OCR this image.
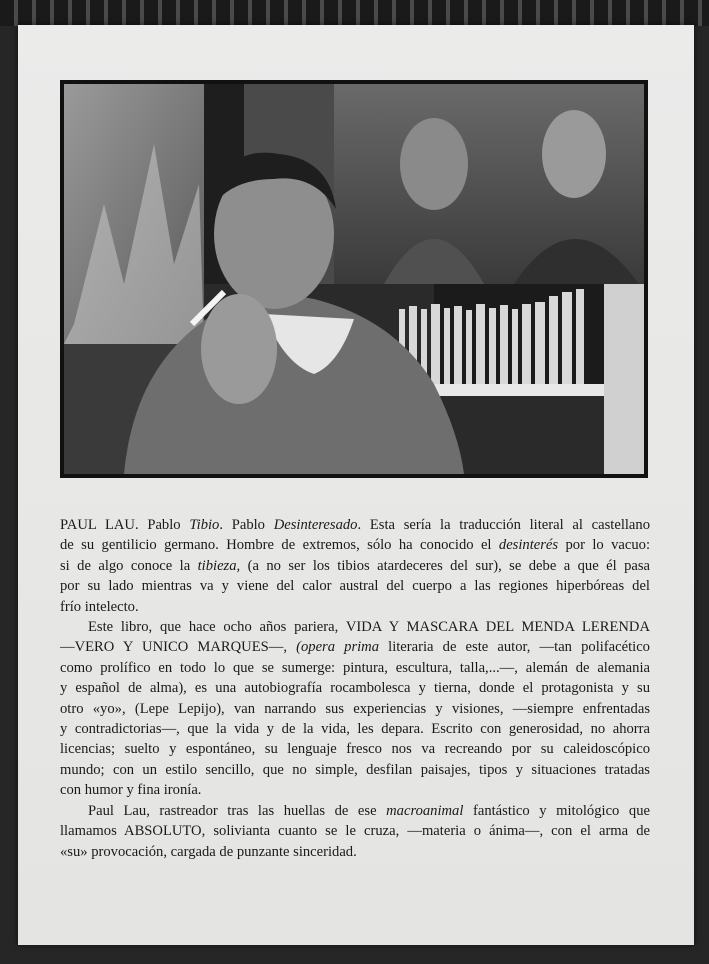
PAUL LAU. Pablo Tibio. Pablo Desinteresado. Esta sería la traducción literal al castellano
de su gentilicio germano. Hombre de extremos, sólo ha conocido el desinterés por lo vacuo:
si de algo conoce la tibieza, (a no ser los tibios atardeceres del sur), se debe a que él pasa
por su lado mientras va y viene del calor austral del cuerpo a las regiones hiperbóreas del
frío intelecto.
Este libro, que hace ocho años pariera, VIDA Y MASCARA DEL MENDA LERENDA
—VERO Y UNICO MARQUES—, (opera prima literaria de este autor, —tan polifacético
como prolífico en todo lo que se sumerge: pintura, escultura, talla,...—, alemán de alemania
y español de alma), es una autobiografía rocambolesca y tierna, donde el protagonista y su
otro «yo», (Lepe Lepijo), van narrando sus experiencias y visiones, —siempre enfrentadas
y contradictorias—, que la vida y de la vida, les depara. Escrito con generosidad, no ahorra
licencias; suelto y espontáneo, su lenguaje fresco nos va recreando por su caleidoscópico
mundo; con un estilo sencillo, que no simple, desfilan paisajes, tipos y situaciones tratadas
con humor y fina ironía.
Paul Lau, rastreador tras las huellas de ese macroanimal fantástico y mitológico que
llamamos ABSOLUTO, solivianta cuanto se le cruza, —materia o ánima—, con el arma de
«su» provocación, cargada de punzante sinceridad.
